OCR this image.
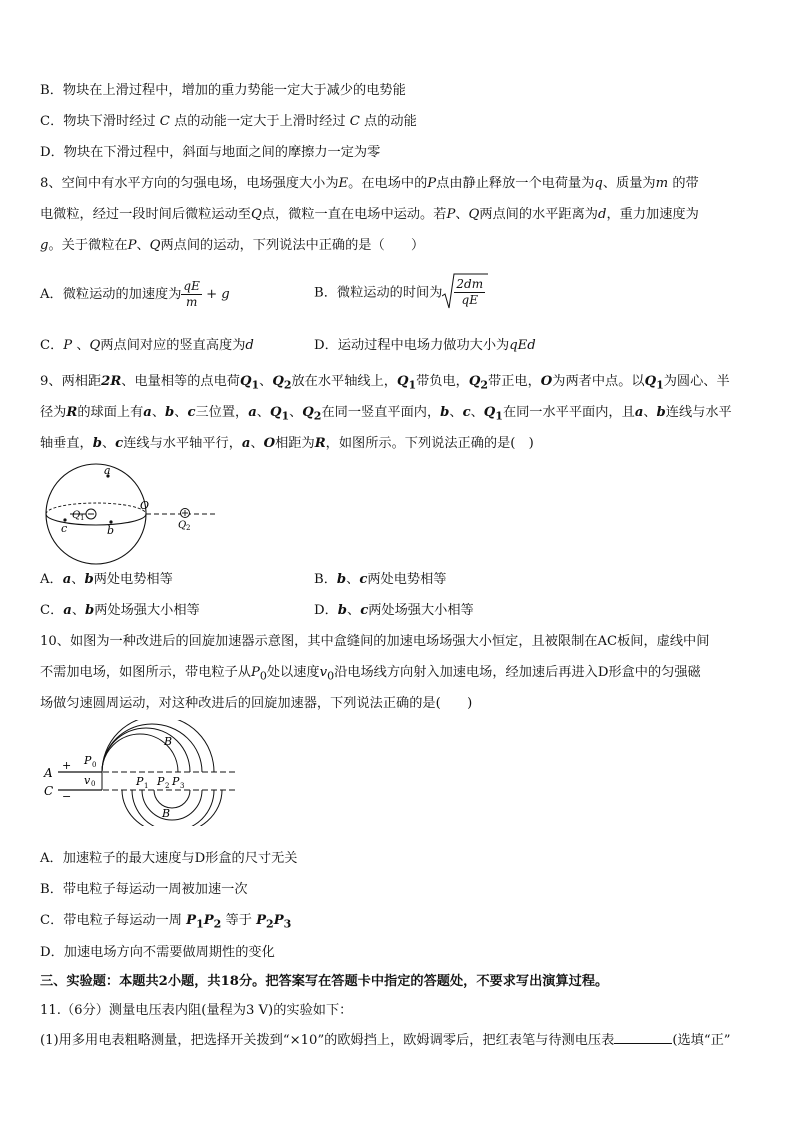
B．物块在上滑过程中，增加的重力势能一定大于减少的电势能
C．物块下滑时经过 C 点的动能一定大于上滑时经过 C 点的动能
D．物块在下滑过程中，斜面与地面之间的摩擦力一定为零
8、空间中有水平方向的匀强电场，电场强度大小为E。在电场中的P点由静止释放一个电荷量为q、质量为m 的带
电微粒，经过一段时间后微粒运动至Q点，微粒一直在电场中运动。若P、Q两点间的水平距离为d，重力加速度为
g。关于微粒在P、Q两点间的运动，下列说法中正确的是（　　）
A．微粒运动的加速度为 $\frac{qE}{m} + g$	B．微粒运动的时间为 $\frac{2dm}{qE}$
C．P 、Q两点间对应的竖直高度为d	D．运动过程中电场力做功大小为qEd
9、两相距2R、电量相等的点电荷$Q_1$、$Q_2$放在水平轴线上，$Q_1$带负电，$Q_2$带正电，O为两者中点。以$Q_1$为圆心、半
径为R的球面上有a、b、c三位置，a、$Q_1$、$Q_2$在同一竖直平面内，b、c、$Q_1$在同一水平平面内，且a、b连线与水平
轴垂直，b、c连线与水平轴平行，a、O相距为R，如图所示。下列说法正确的是(　)
a
Q 1
O
Q 2
c	b
A．a、b两处电势相等	B．b、c两处电势相等
C．a、b两处场强大小相等	D．b、c两处场强大小相等
10、如图为一种改进后的回旋加速器示意图，其中盒缝间的加速电场场强大小恒定，且被限制在AC板间，虚线中间
不需加电场，如图所示，带电粒子从$P_0$处以速度$v_0$沿电场线方向射入加速电场，经加速后再进入D形盒中的匀强磁
场做匀速圆周运动，对这种改进后的回旋加速器，下列说法正确的是(　　)
A
C
+
−
P 0
v 0	P 1 P 2 P 3
B
B
A．加速粒子的最大速度与D形盒的尺寸无关
B．带电粒子每运动一周被加速一次
C．带电粒子每运动一周 $P_1P_2$ 等于 $P_2P_3$
D．加速电场方向不需要做周期性的变化
三、实验题：本题共2小题，共18分。把答案写在答题卡中指定的答题处，不要求写出演算过程。
11.（6分）测量电压表内阻(量程为3 V)的实验如下：
(1)用多用电表粗略测量，把选择开关拨到“×10”的欧姆挡上，欧姆调零后，把红表笔与待测电压表	(选填“正”
